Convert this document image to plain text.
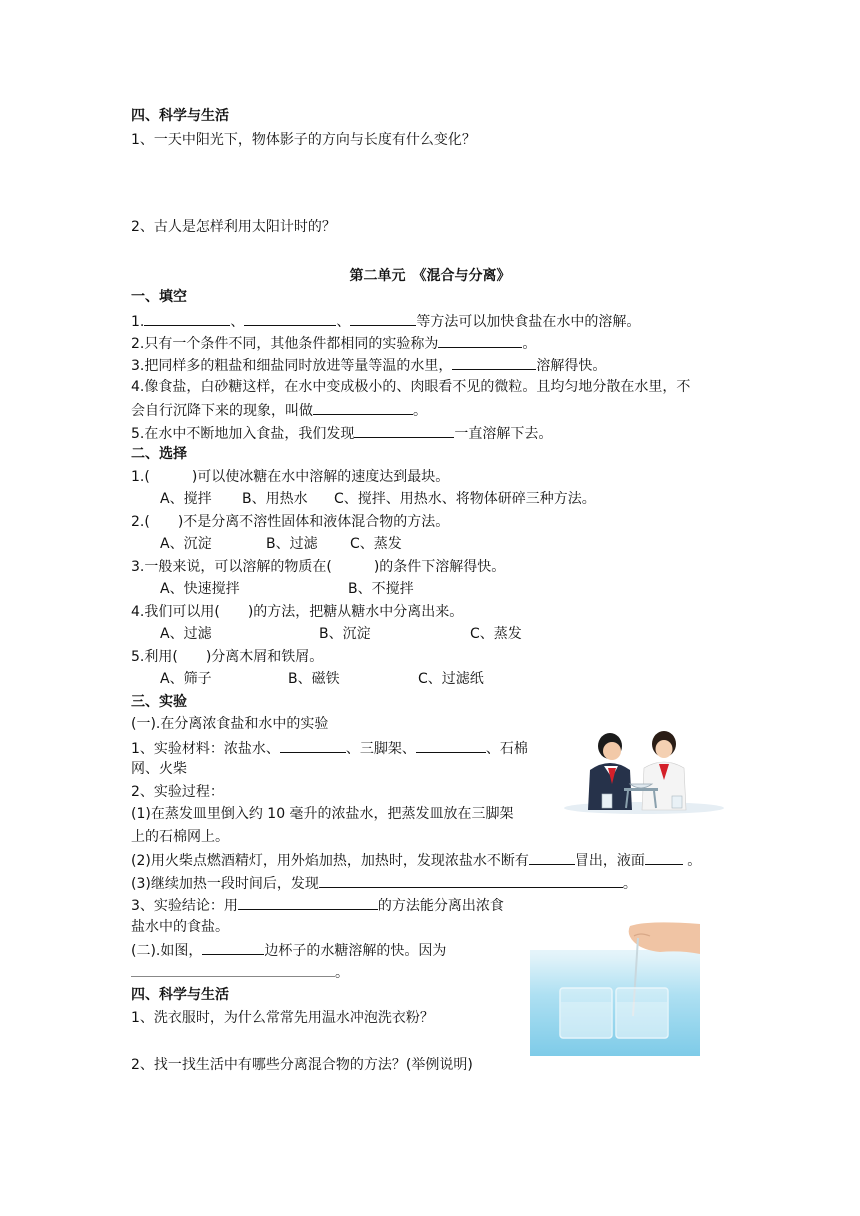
四、科学与生活
1、一天中阳光下，物体影子的方向与长度有什么变化？
2、古人是怎样利用太阳计时的？
第二单元　《混合与分离》
一、填空
1.	、	、	等方法可以加快食盐在水中的溶解。
2.只有一个条件不同，其他条件都相同的实验称为	。
3.把同样多的粗盐和细盐同时放进等量等温的水里，	溶解得快。
4.像食盐，白砂糖这样，在水中变成极小的、肉眼看不见的微粒。且均匀地分散在水里，不
会自行沉降下来的现象，叫做	。
5.在水中不断地加入食盐，我们发现	一直溶解下去。
二、选择
1.(　　　)可以使冰糖在水中溶解的速度达到最块。
A、搅拌 B、用热水 C、搅拌、用热水、将物体研碎三种方法。
2.(　　)不是分离不溶性固体和液体混合物的方法。
A、沉淀	B、过滤 C、蒸发
3.一般来说，可以溶解的物质在(　　　)的条件下溶解得快。
A、快速搅拌	B、不搅拌
4.我们可以用(　　)的方法，把糖从糖水中分离出来。
A、过滤	B、沉淀	C、蒸发
5.利用(　　)分离木屑和铁屑。
A、筛子	B、磁铁	C、过滤纸
三、实验
(一).在分离浓食盐和水中的实验
1、实验材料：浓盐水、	、三脚架、	、石棉
网、火柴
2、实验过程：
(1)在蒸发皿里倒入约 10 毫升的浓盐水，把蒸发皿放在三脚架
上的石棉网上。
(2)用火柴点燃酒精灯，用外焰加热，加热时，发现浓盐水不断有	冒出，液面	。
(3)继续加热一段时间后，发现	。
3、实验结论：用	的方法能分离出浓食
盐水中的食盐。
(二).如图，	边杯子的水糖溶解的快。因为
。
四、科学与生活
1、洗衣服时，为什么常常先用温水冲泡洗衣粉？
2、找一找生活中有哪些分离混合物的方法？(举例说明)
